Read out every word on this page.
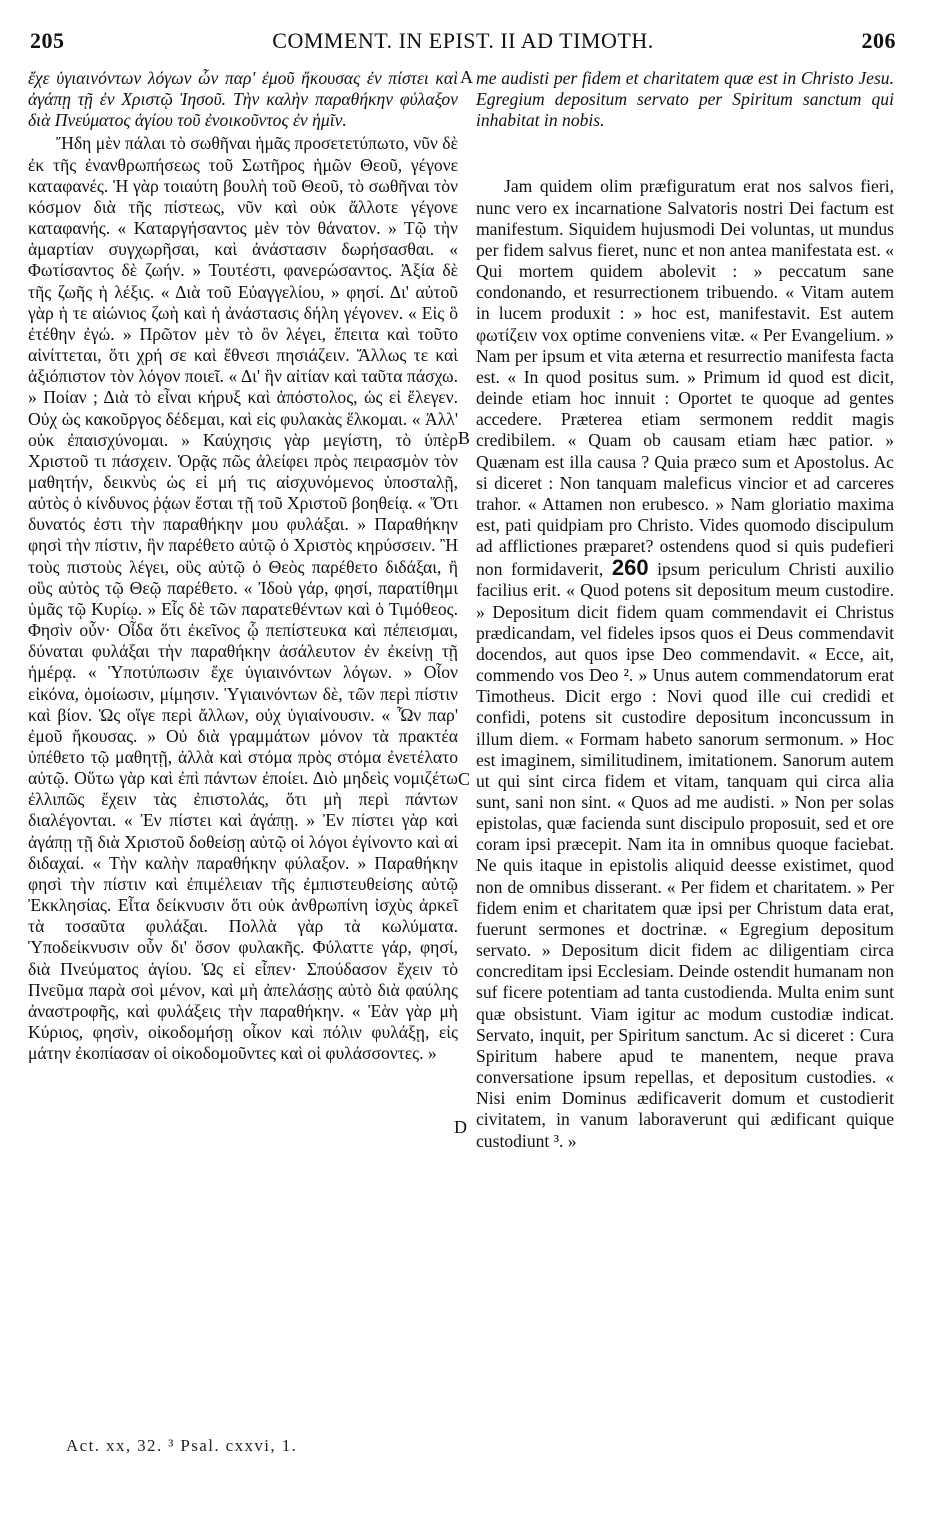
205	COMMENT. IN EPIST. II AD TIMOTH.	206

ἔχε ὑγιαινόντων λόγων ὧν παρ' ἐμοῦ ἤκουσας ἐν πίστει καὶ ἀγάπῃ τῇ ἐν Χριστῷ Ἰησοῦ. Τὴν καλὴν παραθήκην φύλαξον διὰ Πνεύματος ἁγίου τοῦ ἐνοικοῦντος ἐν ἡμῖν.

Ἤδη μὲν πάλαι τὸ σωθῆναι ἡμᾶς προσετετύπωτο, νῦν δὲ ἐκ τῆς ἐνανθρωπήσεως τοῦ Σωτῆρος ἡμῶν Θεοῦ, γέγονε καταφανές. Ἡ γὰρ τοιαύτη βουλὴ τοῦ Θεοῦ, τὸ σωθῆναι τὸν κόσμον διὰ τῆς πίστεως, νῦν καὶ οὐκ ἄλλοτε γέγονε καταφανής. « Καταργήσαντος μὲν τὸν θάνατον. » Τῷ τὴν ἁμαρτίαν συγχωρῆσαι, καὶ ἀνάστασιν δωρήσασθαι. « Φωτίσαντος δὲ ζωήν. » Τουτέστι, φανερώσαντος. Ἀξία δὲ τῆς ζωῆς ἡ λέξις. « Διὰ τοῦ Εὐαγγελίου, » φησί. Δι' αὐτοῦ γὰρ ἡ τε αἰώνιος ζωὴ καὶ ἡ ἀνάστασις δήλη γέγονεν. « Εἰς ὃ ἐτέθην ἐγώ. » Πρῶτον μὲν τὸ ὂν λέγει, ἔπειτα καὶ τοῦτο αἰνίττεται, ὅτι χρή σε καὶ ἔθνεσι πησιάζειν. Ἄλλως τε καὶ ἀξιόπιστον τὸν λόγον ποιεῖ. « Δι' ἣν αἰτίαν καὶ ταῦτα πάσχω. » Ποίαν ; Διὰ τὸ εἶναι κήρυξ καὶ ἀπόστολος, ὡς εἰ ἔλεγεν. Οὐχ ὡς κακοῦργος δέδεμαι, καὶ εἰς φυλακὰς ἕλκομαι. « Ἀλλ' οὐκ ἐπαισχύνομαι. » Καύχησις γὰρ μεγίστη, τὸ ὑπὲρ Χριστοῦ τι πάσχειν. Ὁρᾷς πῶς ἀλείφει πρὸς πειρασμὸν τὸν μαθητήν, δεικνὺς ὡς εἰ μή τις αἰσχυνόμενος ὑποσταλῇ, αὐτὸς ὁ κίνδυνος ῥᾴων ἔσται τῇ τοῦ Χριστοῦ βοηθείᾳ. « Ὅτι δυνατός ἐστι τὴν παραθήκην μου φυλάξαι. » Παραθήκην φησὶ τὴν πίστιν, ἣν παρέθετο αὐτῷ ὁ Χριστὸς κηρύσσειν. Ἢ τοὺς πιστοὺς λέγει, οὓς αὐτῷ ὁ Θεὸς παρέθετο διδάξαι, ἢ οὓς αὐτὸς τῷ Θεῷ παρέθετο. « Ἰδοὺ γάρ, φησί, παρατίθημι ὑμᾶς τῷ Κυρίῳ. » Εἷς δὲ τῶν παρατεθέντων καὶ ὁ Τιμόθεος. Φησὶν οὖν· Οἶδα ὅτι ἐκεῖνος ᾧ πεπίστευκα καὶ πέπεισμαι, δύναται φυλάξαι τὴν παραθήκην ἀσάλευτον ἐν ἐκείνῃ τῇ ἡμέρᾳ. « Ὑποτύπωσιν ἔχε ὑγιαινόντων λόγων. » Οἷον εἰκόνα, ὁμοίωσιν, μίμησιν. Ὑγιαινόντων δὲ, τῶν περὶ πίστιν καὶ βίον. Ὡς οἵγε περὶ ἄλλων, οὐχ ὑγιαίνουσιν. « Ὧν παρ' ἐμοῦ ἤκουσας. » Οὐ διὰ γραμμάτων μόνον τὰ πρακτέα ὑπέθετο τῷ μαθητῇ, ἀλλὰ καὶ στόμα πρὸς στόμα ἐνετέλατο αὐτῷ. Οὕτω γὰρ καὶ ἐπὶ πάντων ἐποίει. Διὸ μηδεὶς νομιζέτω ἐλλιπῶς ἔχειν τὰς ἐπιστολάς, ὅτι μὴ περὶ πάντων διαλέγονται. « Ἐν πίστει καὶ ἀγάπῃ. » Ἐν πίστει γὰρ καὶ ἀγάπῃ τῇ διὰ Χριστοῦ δοθείσῃ αὐτῷ οἱ λόγοι ἐγίνοντο καὶ αἱ διδαχαί. « Τὴν καλὴν παραθήκην φύλαξον. » Παραθήκην φησὶ τὴν πίστιν καὶ ἐπιμέλειαν τῆς ἐμπιστευθείσης αὐτῷ Ἐκκλησίας. Εἶτα δείκνυσιν ὅτι οὐκ ἀνθρωπίνη ἰσχὺς ἀρκεῖ τὰ τοσαῦτα φυλάξαι. Πολλὰ γὰρ τὰ κωλύματα. Ὑποδείκνυσιν οὖν δι' ὅσον φυλακῆς. Φύλαττε γάρ, φησί, διὰ Πνεύματος ἁγίου. Ὡς εἰ εἶπεν· Σπούδασον ἔχειν τὸ Πνεῦμα παρὰ σοὶ μένον, καὶ μὴ ἀπελάσῃς αὐτὸ διὰ φαύλης ἀναστροφῆς, καὶ φυλάξεις τὴν παραθήκην. « Ἐὰν γὰρ μὴ Κύριος, φησὶν, οἰκοδομήσῃ οἶκον καὶ πόλιν φυλάξῃ, εἰς μάτην ἐκοπίασαν οἱ οἰκοδομοῦντες καὶ οἱ φυλάσσοντες. »

me audisti per fidem et charitatem quæ est in Christo Jesu. Egregium depositum servato per Spiritum sanctum qui inhabitat in nobis.

Jam quidem olim præfiguratum erat nos salvos fieri, nunc vero ex incarnatione Salvatoris nostri Dei factum est manifestum. Siquidem hujusmodi Dei voluntas, ut mundus per fidem salvus fieret, nunc et non antea manifestata est. « Qui mortem quidem abolevit : » peccatum sane condonando, et resurrectionem tribuendo. « Vitam autem in lucem produxit : » hoc est, manifestavit. Est autem φωτίζειν vox optime conveniens vitæ. « Per Evangelium. » Nam per ipsum et vita æterna et resurrectio manifesta facta est. « In quod positus sum. » Primum id quod est dicit, deinde etiam hoc innuit : Oportet te quoque ad gentes accedere. Præterea etiam sermonem reddit magis credibilem. « Quam ob causam etiam hæc patior. » Quænam est illa causa ? Quia præco sum et Apostolus. Ac si diceret : Non tanquam maleficus vincior et ad carceres trahor. « Attamen non erubesco. » Nam gloriatio maxima est, pati quidpiam pro Christo. Vides quomodo discipulum ad afflictiones præparet? ostendens quod si quis pudefieri non formidaverit, 260 ipsum periculum Christi auxilio facilius erit. « Quod potens sit depositum meum custodire. » Depositum dicit fidem quam commendavit ei Christus prædicandam, vel fideles ipsos quos ei Deus commendavit docendos, aut quos ipse Deo commendavit. « Ecce, ait, commendo vos Deo ². » Unus autem commendatorum erat Timotheus. Dicit ergo : Novi quod ille cui credidi et confidi, potens sit custodire depositum inconcussum in illum diem. « Formam habeto sanorum sermonum. » Hoc est imaginem, similitudinem, imitationem. Sanorum autem ut qui sint circa fidem et vitam, tanquam qui circa alia sunt, sani non sint. « Quos ad me audisti. » Non per solas epistolas, quæ facienda sunt discipulo proposuit, sed et ore coram ipsi præcepit. Nam ita in omnibus quoque faciebat. Ne quis itaque in epistolis aliquid deesse existimet, quod non de omnibus disserant. « Per fidem et charitatem. » Per fidem enim et charitatem quæ ipsi per Christum data erat, fuerunt sermones et doctrinæ. « Egregium depositum servato. » Depositum dicit fidem ac diligentiam circa concreditam ipsi Ecclesiam. Deinde ostendit humanam non suf ficere potentiam ad tanta custodienda. Multa enim sunt quæ obsistunt. Viam igitur ac modum custodiæ indicat. Servato, inquit, per Spiritum sanctum. Ac si diceret : Cura Spiritum habere apud te manentem, neque prava conversatione ipsum repellas, et depositum custodies. « Nisi enim Dominus ædificaverit domum et custodierit civitatem, in vanum laboraverunt qui ædificant quique custodiunt ³. »

A
B
C
D
Act. xx, 32. ³ Psal. cxxvi, 1.
